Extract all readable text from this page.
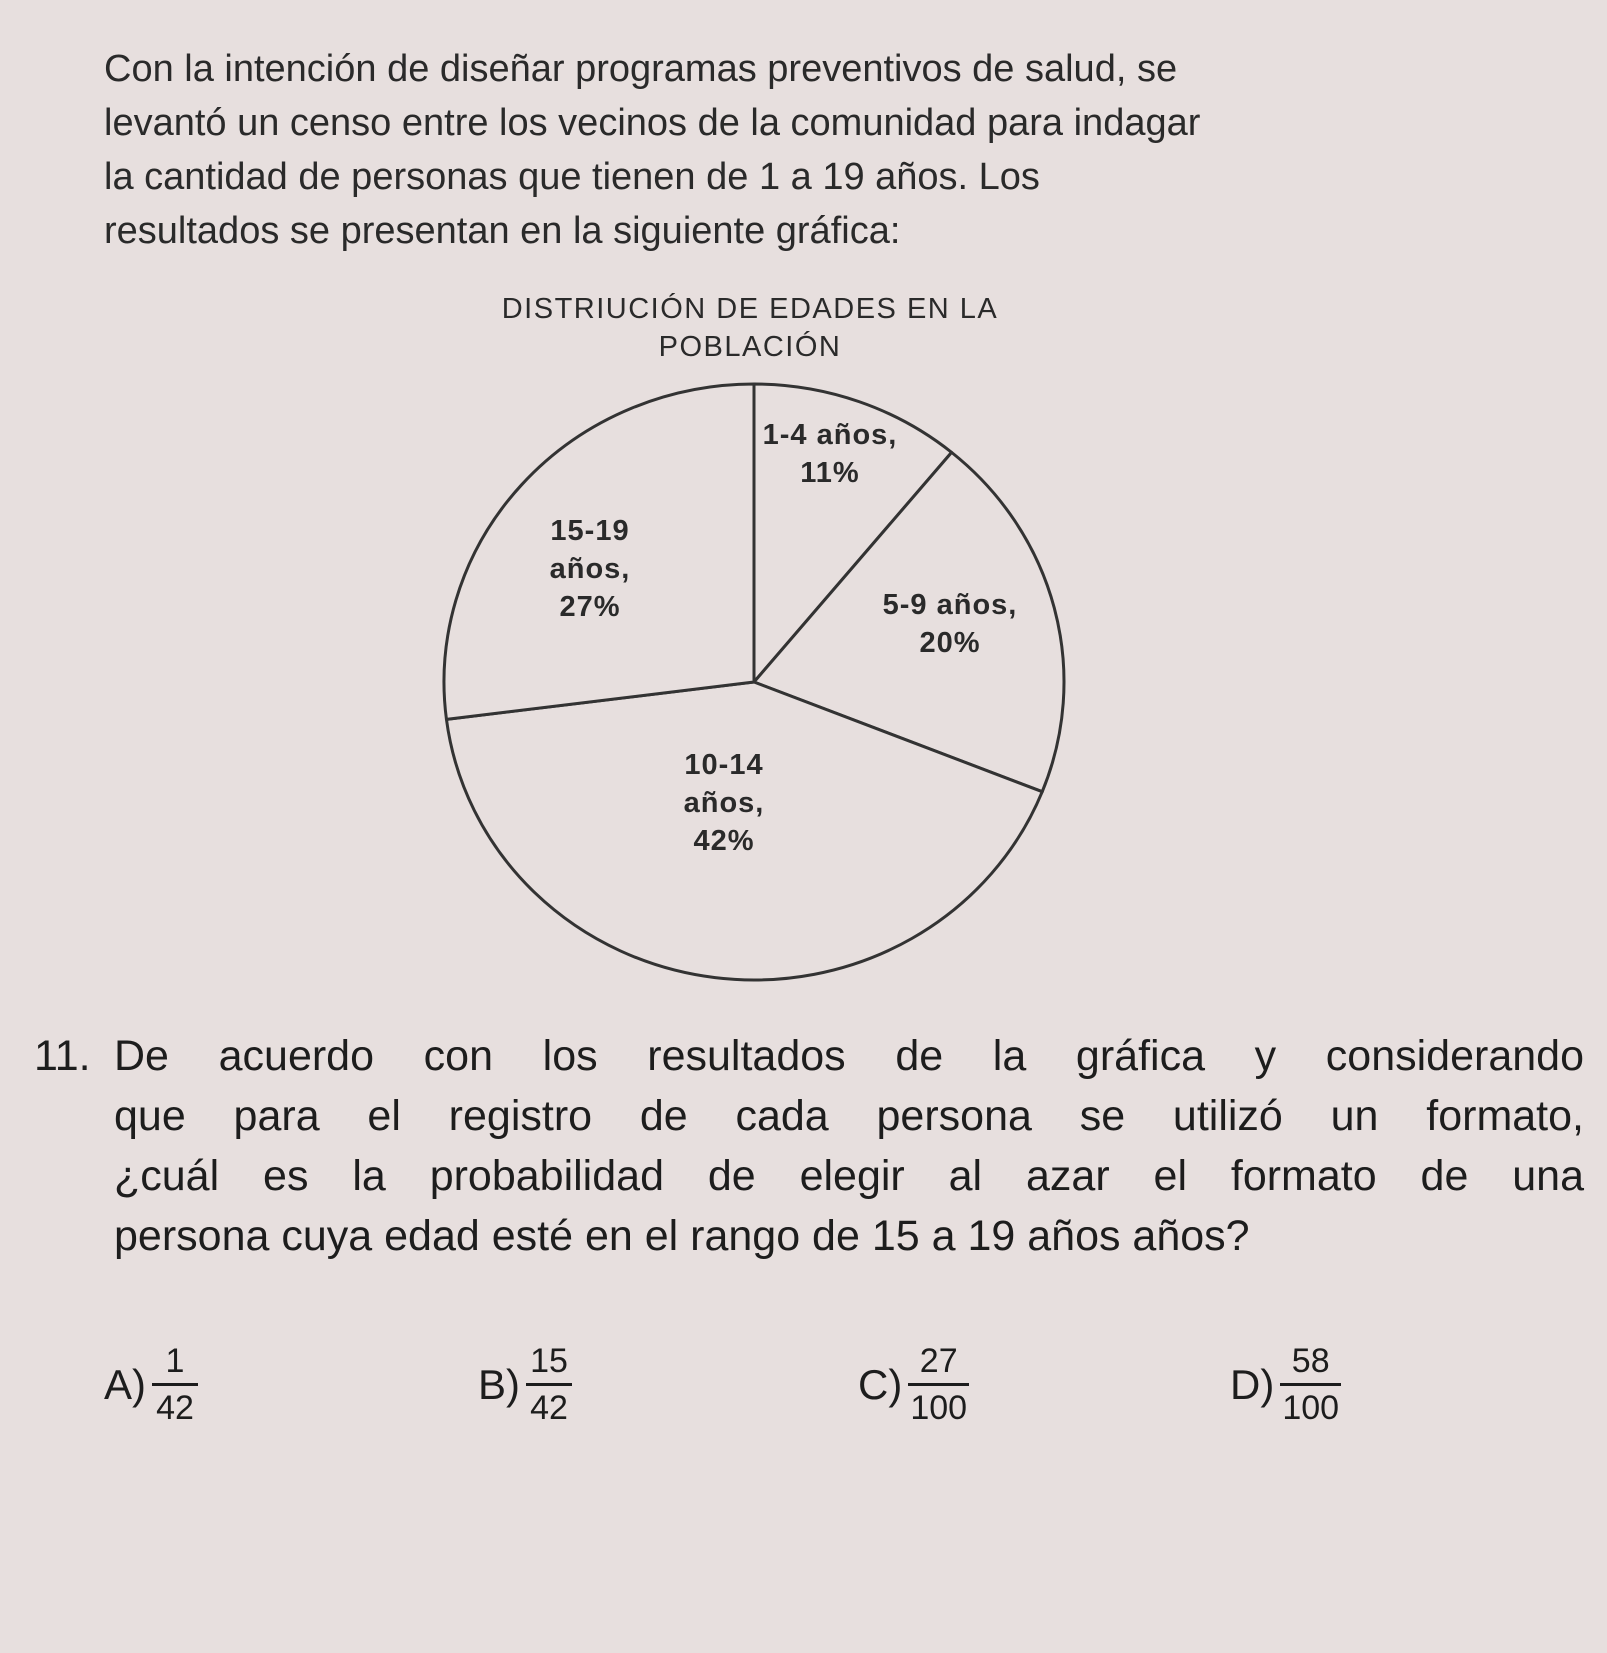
Con la intención de diseñar programas preventivos de salud, se
levantó un censo entre los vecinos de la comunidad para indagar
la cantidad de personas que tienen de 1 a 19 años. Los
resultados se presentan en la siguiente gráfica:
DISTRIUCIÓN DE EDADES EN LA
POBLACIÓN
1-4 años, 11%
5-9 años, 20%
10-14 años, 42%
15-19 años, 27%
11. De acuerdo con los resultados de la gráfica y considerando
que para el registro de cada persona se utilizó un formato,
¿cuál es la probabilidad de elegir al azar el formato de una
persona cuya edad esté en el rango de 15 a 19 años años?
$A) \frac{1}{42}$	$B) \frac{15}{42}$	$C) \frac{27}{100}$	$D) \frac{58}{100}$
